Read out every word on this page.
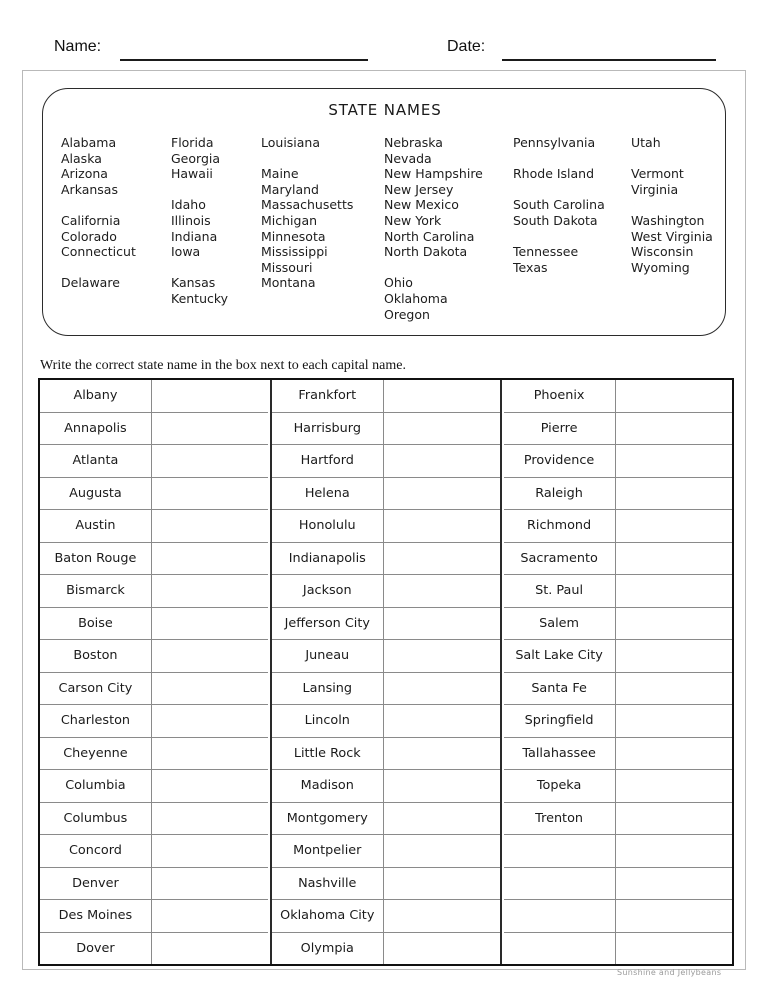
Name:	Date:
STATE NAMES
Alabama
Alaska
Arizona
Arkansas

California
Colorado
Connecticut

Delaware
Florida
Georgia
Hawaii

Idaho
Illinois
Indiana
Iowa

Kansas
Kentucky
Louisiana

Maine
Maryland
Massachusetts
Michigan
Minnesota
Mississippi
Missouri
Montana
Nebraska
Nevada
New Hampshire
New Jersey
New Mexico
New York
North Carolina
North Dakota

Ohio
Oklahoma
Oregon
Pennsylvania

Rhode Island

South Carolina
South Dakota

Tennessee
Texas
Utah

Vermont
Virginia

Washington
West Virginia
Wisconsin
Wyoming
Write the correct state name in the box next to each capital name.
Albany
Annapolis
Atlanta
Augusta
Austin
Baton Rouge
Bismarck
Boise
Boston
Carson City
Charleston
Cheyenne
Columbia
Columbus
Concord
Denver
Des Moines
Dover
Frankfort
Harrisburg
Hartford
Helena
Honolulu
Indianapolis
Jackson
Jefferson City
Juneau
Lansing
Lincoln
Little Rock
Madison
Montgomery
Montpelier
Nashville
Oklahoma City
Olympia
Phoenix
Pierre
Providence
Raleigh
Richmond
Sacramento
St. Paul
Salem
Salt Lake City
Santa Fe
Springfield
Tallahassee
Topeka
Trenton
Sunshine and Jellybeans
